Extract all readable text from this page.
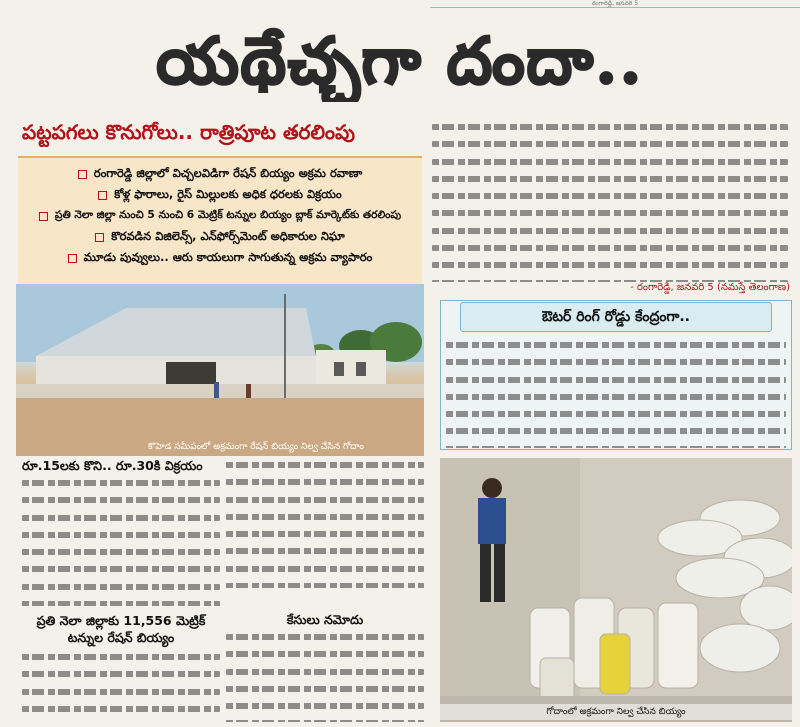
రంగారెడ్డి, జనవరి 5
యథేచ్ఛగా దందా..
పట్టపగలు కొనుగోలు.. రాత్రిపూట తరలింపు
రంగారెడ్డి జిల్లాలో విచ్చలవిడిగా రేషన్ బియ్యం అక్రమ రవాణా
కోళ్ల ఫారాలు, రైస్ మిల్లులకు అధిక ధరలకు విక్రయం
ప్రతి నెలా జిల్లా నుంచి 5 నుంచి 6 మెట్రిక్ టన్నుల బియ్యం బ్లాక్ మార్కెట్‌కు తరలింపు
కొరవడిన విజిలెన్స్, ఎన్‌ఫోర్స్‌మెంట్ అధికారుల నిఘా
మూడు పువ్వులు.. ఆరు కాయలుగా సాగుతున్న అక్రమ వ్యాపారం
కొహెడ సమీపంలో అక్రమంగా రేషన్ బియ్యం నిల్వ చేసిన గోదాం
రూ.15లకు కొని.. రూ.30కి విక్రయం
ప్రతి నెలా జిల్లాకు 11,556 మెట్రిక్ టన్నుల రేషన్ బియ్యం
కేసులు నమోదు
- రంగారెడ్డి, జనవరి 5 (నమస్తే తెలంగాణ)
ఔటర్ రింగ్ రోడ్డు కేంద్రంగా..
గోదాంలో అక్రమంగా నిల్వ చేసిన బియ్యం
